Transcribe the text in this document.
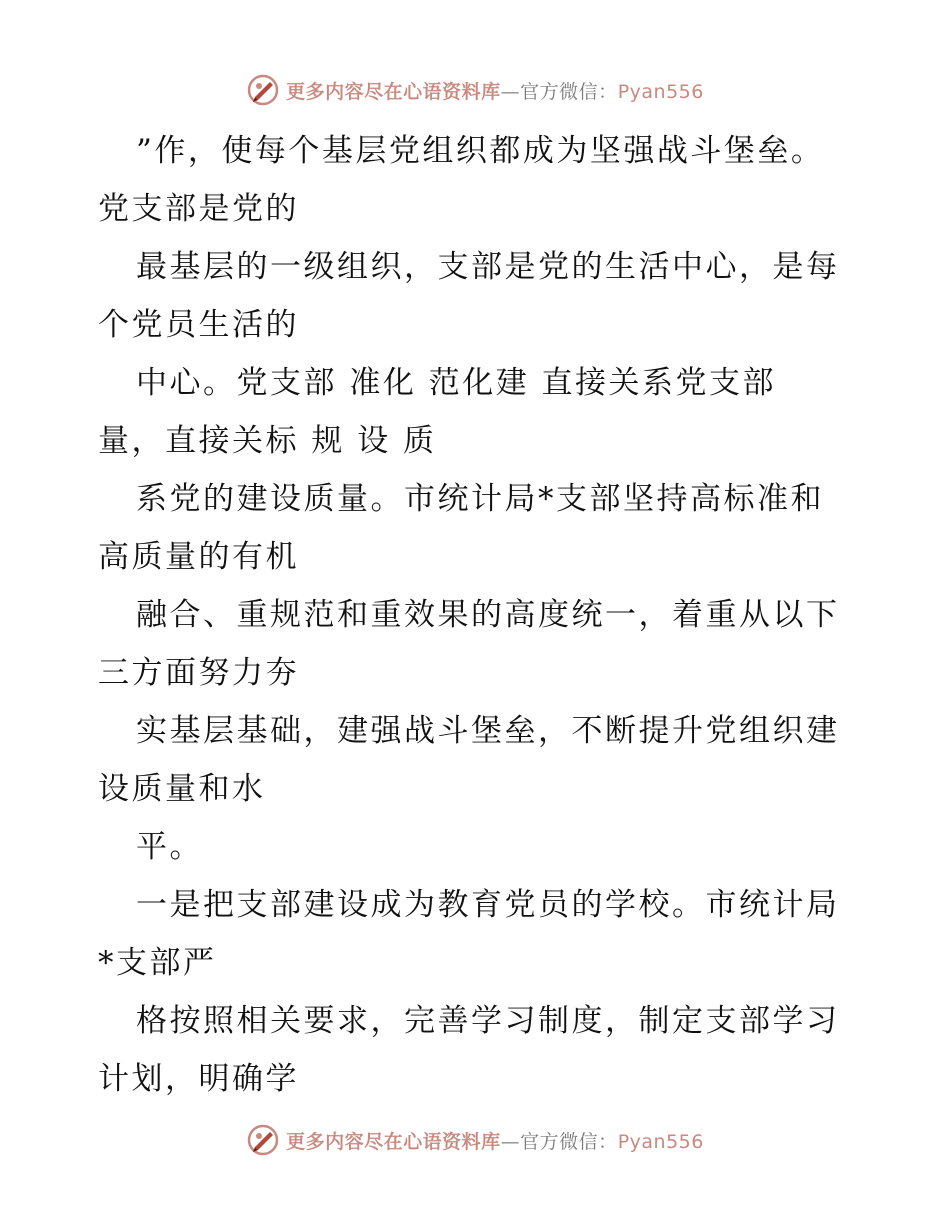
更多内容尽在心语资料库—官方微信：Pyan556
”作，使每个基层党组织都成为坚强战斗堡垒。
党支部是党的
最基层的一级组织，支部是党的生活中心，是每
个党员生活的
中心。党支部 准化 范化建 直接关系党支部
量，直接关标 规 设 质
系党的建设质量。市统计局*支部坚持高标准和
高质量的有机
融合、重规范和重效果的高度统一，着重从以下
三方面努力夯
实基层基础，建强战斗堡垒，不断提升党组织建
设质量和水
平。
一是把支部建设成为教育党员的学校。市统计局
*支部严
格按照相关要求，完善学习制度，制定支部学习
计划，明确学
更多内容尽在心语资料库—官方微信：Pyan556
